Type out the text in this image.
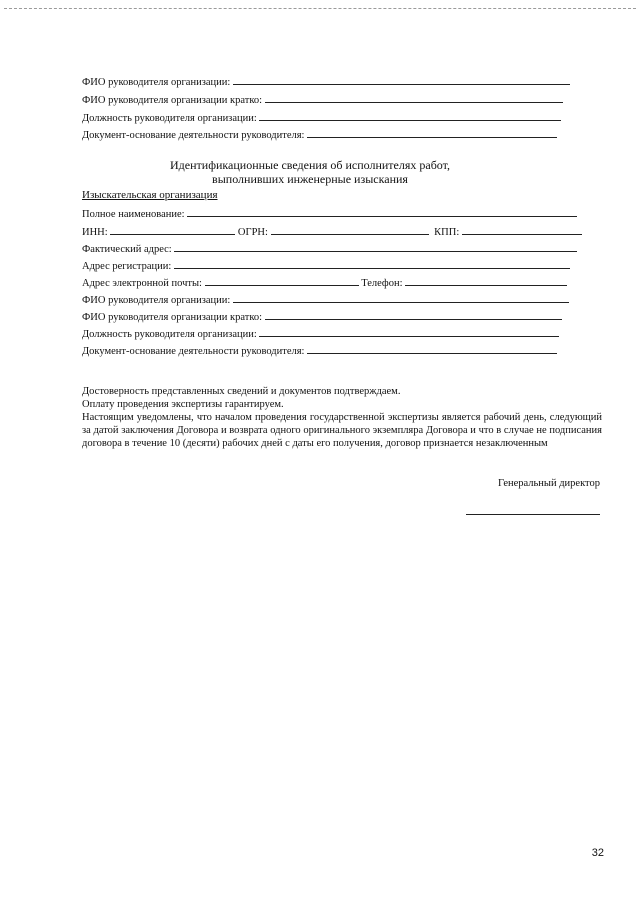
ФИО руководителя организации:
ФИО руководителя организации кратко:
Должность руководителя организации:
Документ-основание деятельности руководителя:
Идентификационные сведения об исполнителях работ,
выполнивших инженерные изыскания
Изыскательская организация
Полное наименование:
ИНН:	ОГРН:	КПП:
Фактический адрес:
Адрес регистрации:
Адрес электронной почты:	Телефон:
ФИО руководителя организации:
ФИО руководителя организации кратко:
Должность руководителя организации:
Документ-основание деятельности руководителя:
Достоверность представленных сведений и документов подтверждаем.
Оплату проведения экспертизы гарантируем.
Настоящим уведомлены, что началом проведения государственной экспертизы является рабочий день, следующий за датой заключения Договора и возврата одного оригинального экземпляра Договора и что в случае не подписания договора в течение 10 (десяти) рабочих дней с даты его получения, договор признается незаключенным
Генеральный директор
32
